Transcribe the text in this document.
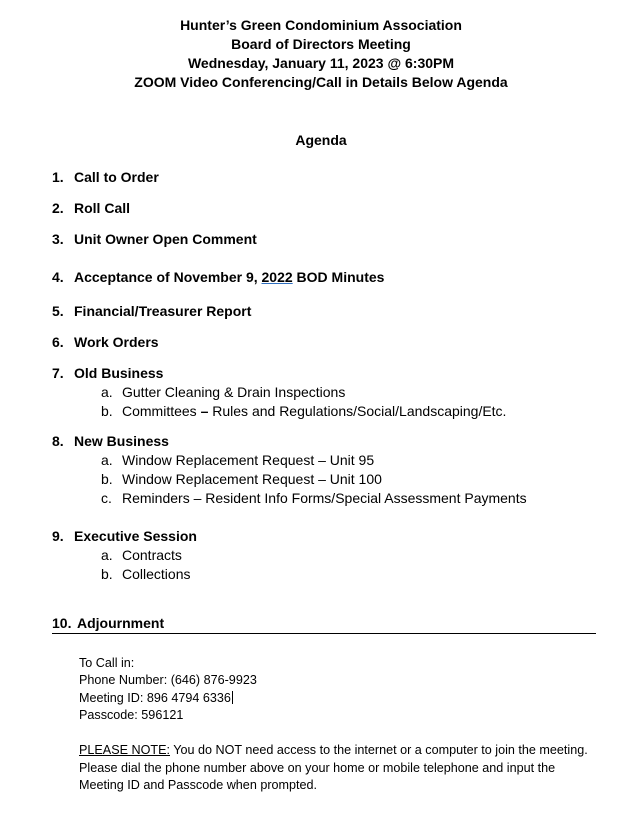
Hunter’s Green Condominium Association
Board of Directors Meeting
Wednesday, January 11, 2023 @ 6:30PM
ZOOM Video Conferencing/Call in Details Below Agenda
Agenda
1. Call to Order
2. Roll Call
3. Unit Owner Open Comment
4. Acceptance of November 9, 2022 BOD Minutes
5. Financial/Treasurer Report
6. Work Orders
7. Old Business
a. Gutter Cleaning & Drain Inspections
b. Committees – Rules and Regulations/Social/Landscaping/Etc.
8. New Business
a. Window Replacement Request – Unit 95
b. Window Replacement Request – Unit 100
c. Reminders – Resident Info Forms/Special Assessment Payments
9. Executive Session
a. Contracts
b. Collections
10. Adjournment
To Call in:
Phone Number: (646) 876-9923
Meeting ID: 896 4794 6336
Passcode: 596121
PLEASE NOTE: You do NOT need access to the internet or a computer to join the meeting. Please dial the phone number above on your home or mobile telephone and input the Meeting ID and Passcode when prompted.
